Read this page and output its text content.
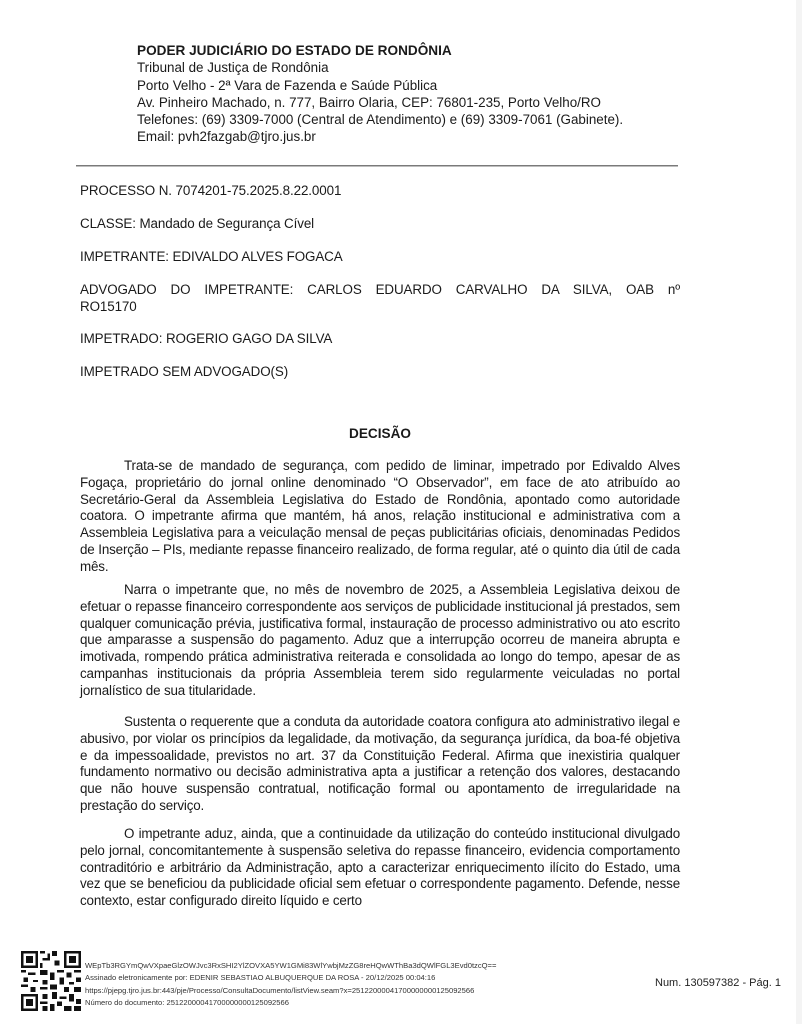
PODER JUDICIÁRIO DO ESTADO DE RONDÔNIA
Tribunal de Justiça de Rondônia
Porto Velho - 2ª Vara de Fazenda e Saúde Pública
Av. Pinheiro Machado, n. 777, Bairro Olaria, CEP: 76801-235, Porto Velho/RO
Telefones: (69) 3309-7000 (Central de Atendimento) e (69) 3309-7061 (Gabinete).
Email: pvh2fazgab@tjro.jus.br
PROCESSO N. 7074201-75.2025.8.22.0001
CLASSE: Mandado de Segurança Cível
IMPETRANTE: EDIVALDO ALVES FOGACA
ADVOGADO DO IMPETRANTE: CARLOS EDUARDO CARVALHO DA SILVA, OAB nº RO15170
IMPETRADO: ROGERIO GAGO DA SILVA
IMPETRADO SEM ADVOGADO(S)
DECISÃO
Trata-se de mandado de segurança, com pedido de liminar, impetrado por Edivaldo Alves Fogaça, proprietário do jornal online denominado “O Observador”, em face de ato atribuído ao Secretário-Geral da Assembleia Legislativa do Estado de Rondônia, apontado como autoridade coatora. O impetrante afirma que mantém, há anos, relação institucional e administrativa com a Assembleia Legislativa para a veiculação mensal de peças publicitárias oficiais, denominadas Pedidos de Inserção – PIs, mediante repasse financeiro realizado, de forma regular, até o quinto dia útil de cada mês.
Narra o impetrante que, no mês de novembro de 2025, a Assembleia Legislativa deixou de efetuar o repasse financeiro correspondente aos serviços de publicidade institucional já prestados, sem qualquer comunicação prévia, justificativa formal, instauração de processo administrativo ou ato escrito que amparasse a suspensão do pagamento. Aduz que a interrupção ocorreu de maneira abrupta e imotivada, rompendo prática administrativa reiterada e consolidada ao longo do tempo, apesar de as campanhas institucionais da própria Assembleia terem sido regularmente veiculadas no portal jornalístico de sua titularidade.
Sustenta o requerente que a conduta da autoridade coatora configura ato administrativo ilegal e abusivo, por violar os princípios da legalidade, da motivação, da segurança jurídica, da boa-fé objetiva e da impessoalidade, previstos no art. 37 da Constituição Federal. Afirma que inexistiria qualquer fundamento normativo ou decisão administrativa apta a justificar a retenção dos valores, destacando que não houve suspensão contratual, notificação formal ou apontamento de irregularidade na prestação do serviço.
O impetrante aduz, ainda, que a continuidade da utilização do conteúdo institucional divulgado pelo jornal, concomitantemente à suspensão seletiva do repasse financeiro, evidencia comportamento contraditório e arbitrário da Administração, apto a caracterizar enriquecimento ilícito do Estado, uma vez que se beneficiou da publicidade oficial sem efetuar o correspondente pagamento. Defende, nesse contexto, estar configurado direito líquido e certo
WEpTb3RGYmQwVXpaeGlzOWJvc3RxSHI2YlZOVXA5YW1GMi83WlYwbjMzZG8reHQwWThBa3dQWlFGL3Evd0tzcQ==
Assinado eletronicamente por: EDENIR SEBASTIAO ALBUQUERQUE DA ROSA - 20/12/2025 00:04:16
https://pjepg.tjro.jus.br:443/pje/Processo/ConsultaDocumento/listView.seam?x=25122000041700000000125092566
Número do documento: 25122000041700000000125092566
Num. 130597382 - Pág. 1
